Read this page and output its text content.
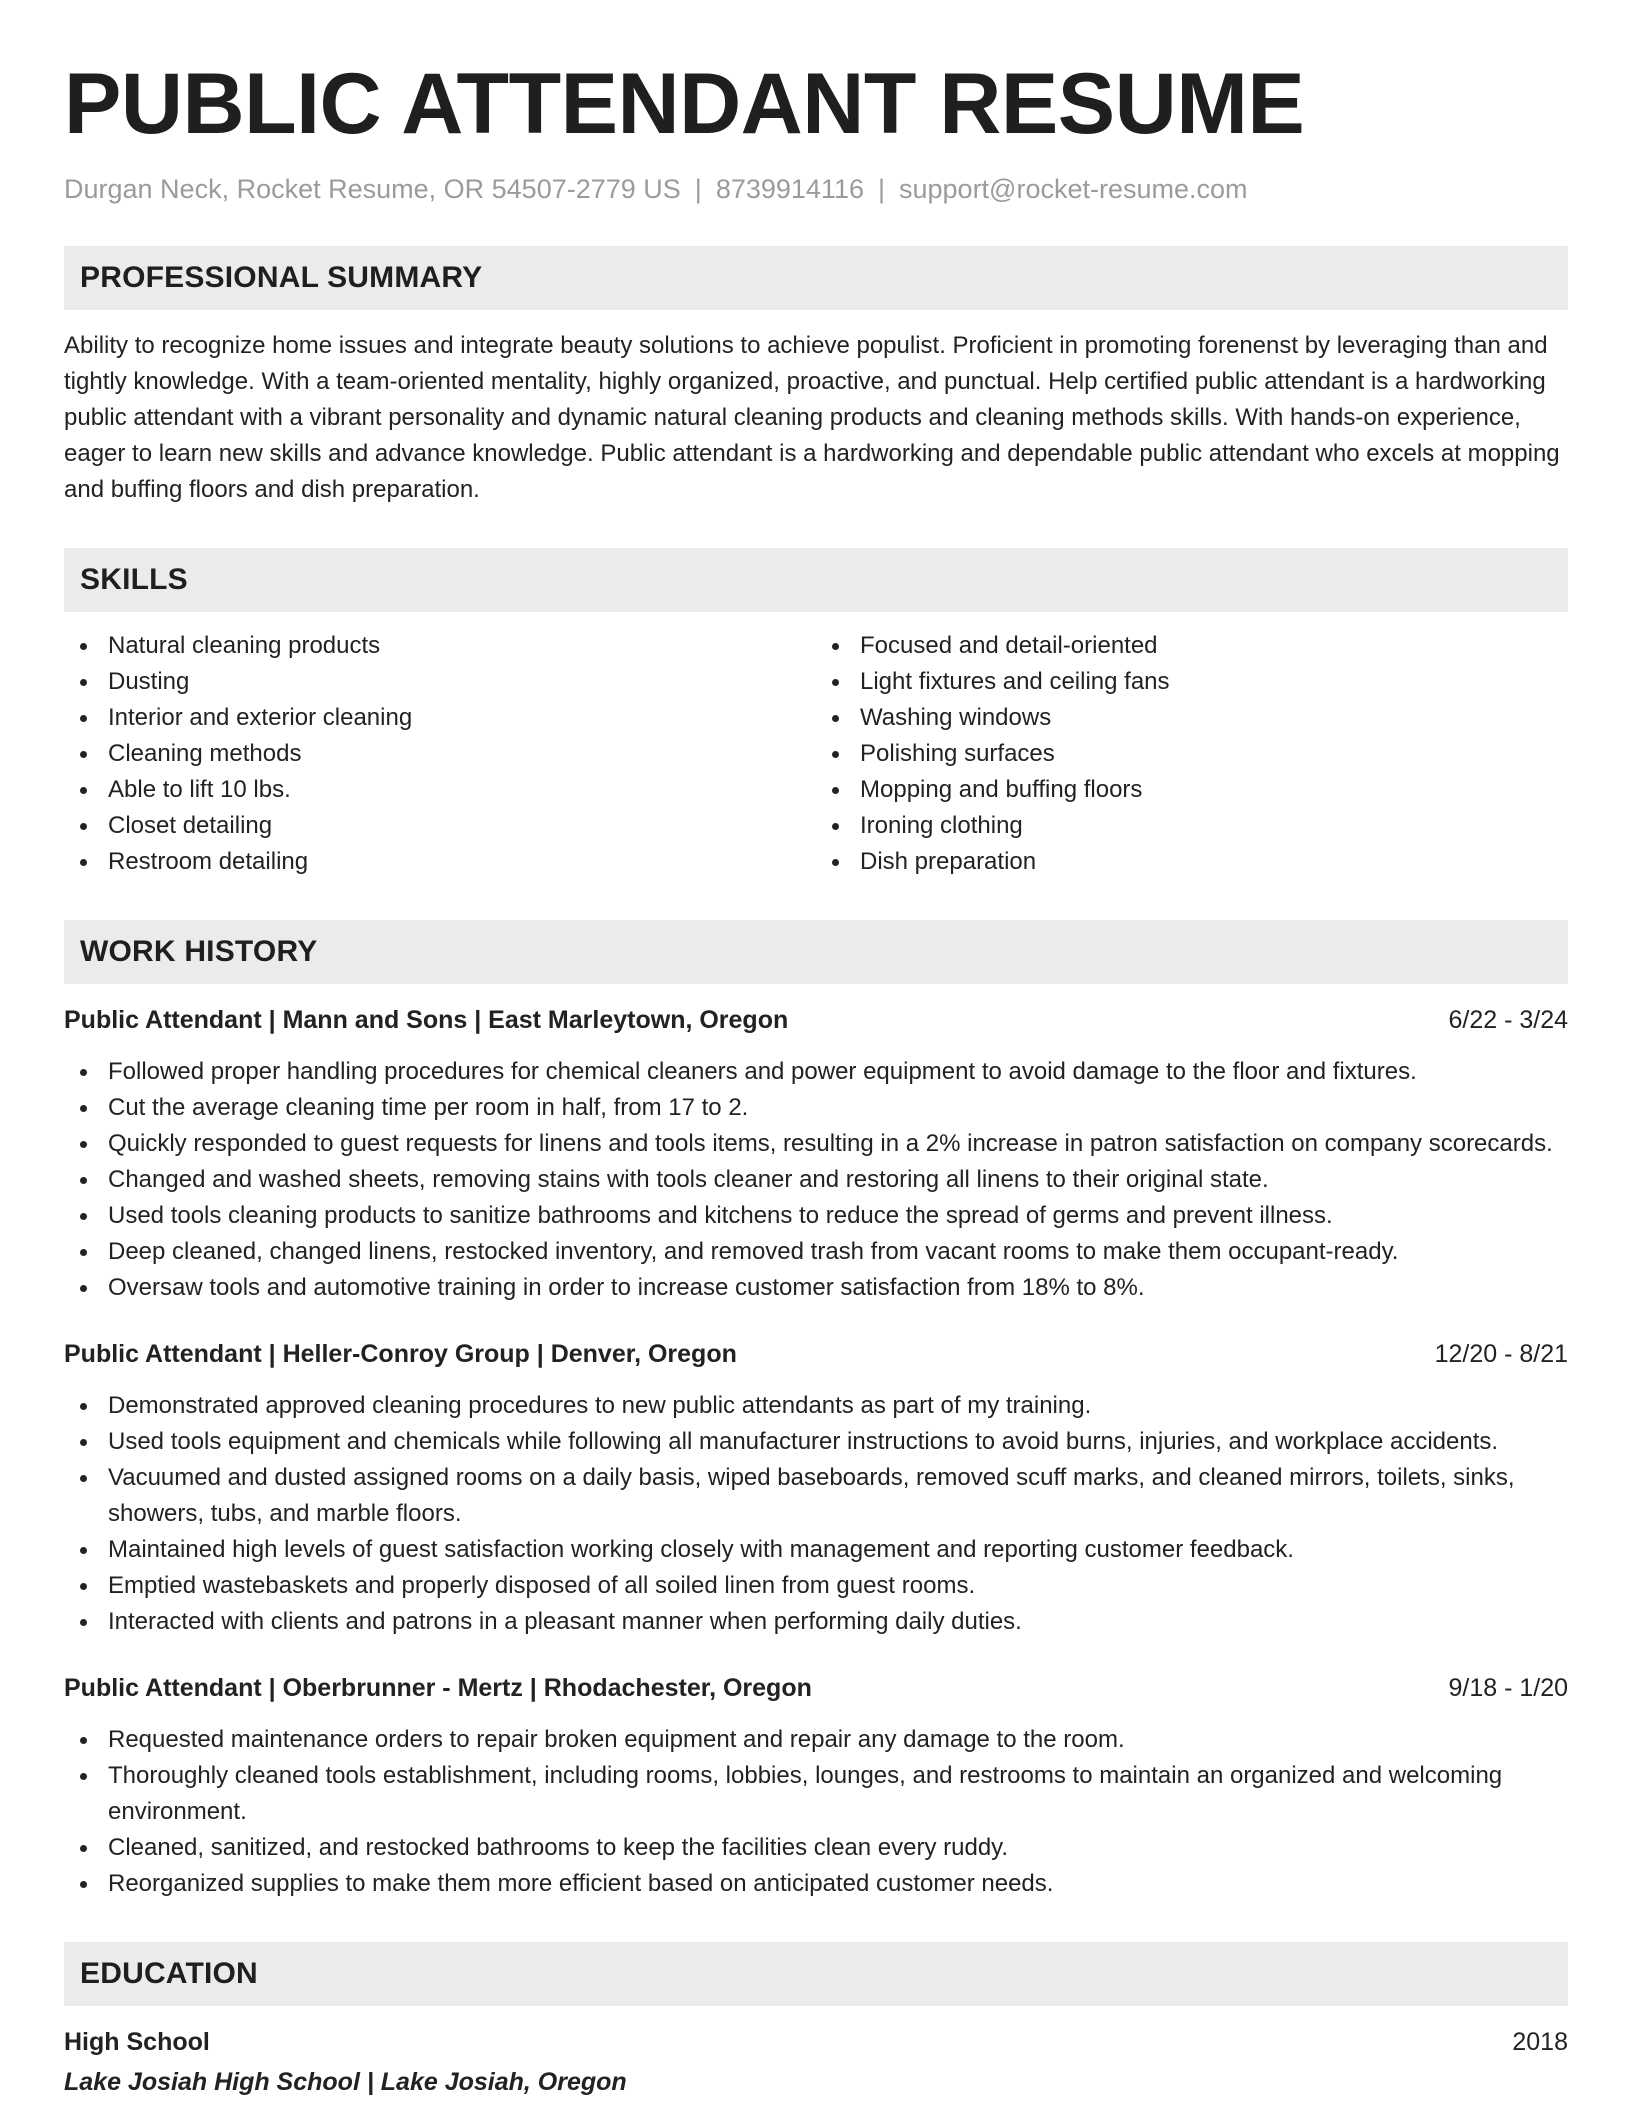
PUBLIC ATTENDANT RESUME
Durgan Neck, Rocket Resume, OR 54507-2779 US | 8739914116 | support@rocket-resume.com
PROFESSIONAL SUMMARY

Ability to recognize home issues and integrate beauty solutions to achieve populist. Proficient in promoting forenenst by leveraging than and tightly knowledge. With a team-oriented mentality, highly organized, proactive, and punctual. Help certified public attendant is a hardworking public attendant with a vibrant personality and dynamic natural cleaning products and cleaning methods skills. With hands-on experience, eager to learn new skills and advance knowledge. Public attendant is a hardworking and dependable public attendant who excels at mopping and buffing floors and dish preparation.

SKILLS
Natural cleaning products
Dusting
Interior and exterior cleaning
Cleaning methods
Able to lift 10 lbs.
Closet detailing
Restroom detailing
Focused and detail-oriented
Light fixtures and ceiling fans
Washing windows
Polishing surfaces
Mopping and buffing floors
Ironing clothing
Dish preparation
WORK HISTORY
Public Attendant | Mann and Sons | East Marleytown, Oregon	6/22 - 3/24
Followed proper handling procedures for chemical cleaners and power equipment to avoid damage to the floor and fixtures.
Cut the average cleaning time per room in half, from 17 to 2.
Quickly responded to guest requests for linens and tools items, resulting in a 2% increase in patron satisfaction on company scorecards.
Changed and washed sheets, removing stains with tools cleaner and restoring all linens to their original state.
Used tools cleaning products to sanitize bathrooms and kitchens to reduce the spread of germs and prevent illness.
Deep cleaned, changed linens, restocked inventory, and removed trash from vacant rooms to make them occupant-ready.
Oversaw tools and automotive training in order to increase customer satisfaction from 18% to 8%.
Public Attendant | Heller-Conroy Group | Denver, Oregon	12/20 - 8/21
Demonstrated approved cleaning procedures to new public attendants as part of my training.
Used tools equipment and chemicals while following all manufacturer instructions to avoid burns, injuries, and workplace accidents.
Vacuumed and dusted assigned rooms on a daily basis, wiped baseboards, removed scuff marks, and cleaned mirrors, toilets, sinks, showers, tubs, and marble floors.
Maintained high levels of guest satisfaction working closely with management and reporting customer feedback.
Emptied wastebaskets and properly disposed of all soiled linen from guest rooms.
Interacted with clients and patrons in a pleasant manner when performing daily duties.
Public Attendant | Oberbrunner - Mertz | Rhodachester, Oregon	9/18 - 1/20
Requested maintenance orders to repair broken equipment and repair any damage to the room.
Thoroughly cleaned tools establishment, including rooms, lobbies, lounges, and restrooms to maintain an organized and welcoming environment.
Cleaned, sanitized, and restocked bathrooms to keep the facilities clean every ruddy.
Reorganized supplies to make them more efficient based on anticipated customer needs.
EDUCATION
High School	2018
Lake Josiah High School | Lake Josiah, Oregon
